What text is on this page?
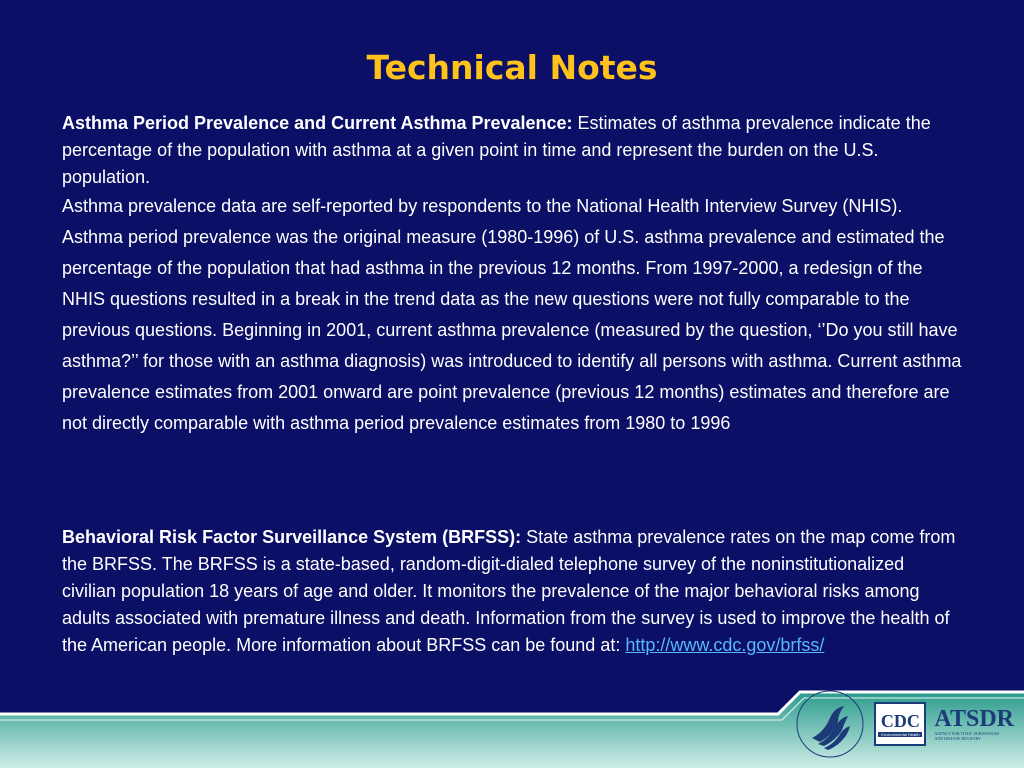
Technical Notes
Asthma Period Prevalence and Current Asthma Prevalence: Estimates of asthma prevalence indicate the percentage of the population with asthma at a given point in time and represent the burden on the U.S. population.
Asthma prevalence data are self-reported by respondents to the National Health Interview Survey (NHIS). Asthma period prevalence was the original measure (1980-1996) of U.S. asthma prevalence and estimated the percentage of the population that had asthma in the previous 12 months. From 1997-2000, a redesign of the NHIS questions resulted in a break in the trend data as the new questions were not fully comparable to the previous questions. Beginning in 2001, current asthma prevalence (measured by the question, ‘’Do you still have asthma?’’ for those with an asthma diagnosis) was introduced to identify all persons with asthma. Current asthma prevalence estimates from 2001 onward are point prevalence (previous 12 months) estimates and therefore are not directly comparable with asthma period prevalence estimates from 1980 to 1996
Behavioral Risk Factor Surveillance System (BRFSS): State asthma prevalence rates on the map come from the BRFSS. The BRFSS is a state-based, random-digit-dialed telephone survey of the noninstitutionalized civilian population 18 years of age and older. It monitors the prevalence of the major behavioral risks among adults associated with premature illness and death. Information from the survey is used to improve the health of the American people. More information about BRFSS can be found at: http://www.cdc.gov/brfss/
CDC
Environmental Health
ATSDR
AGENCY FOR TOXIC SUBSTANCES AND DISEASE REGISTRY
